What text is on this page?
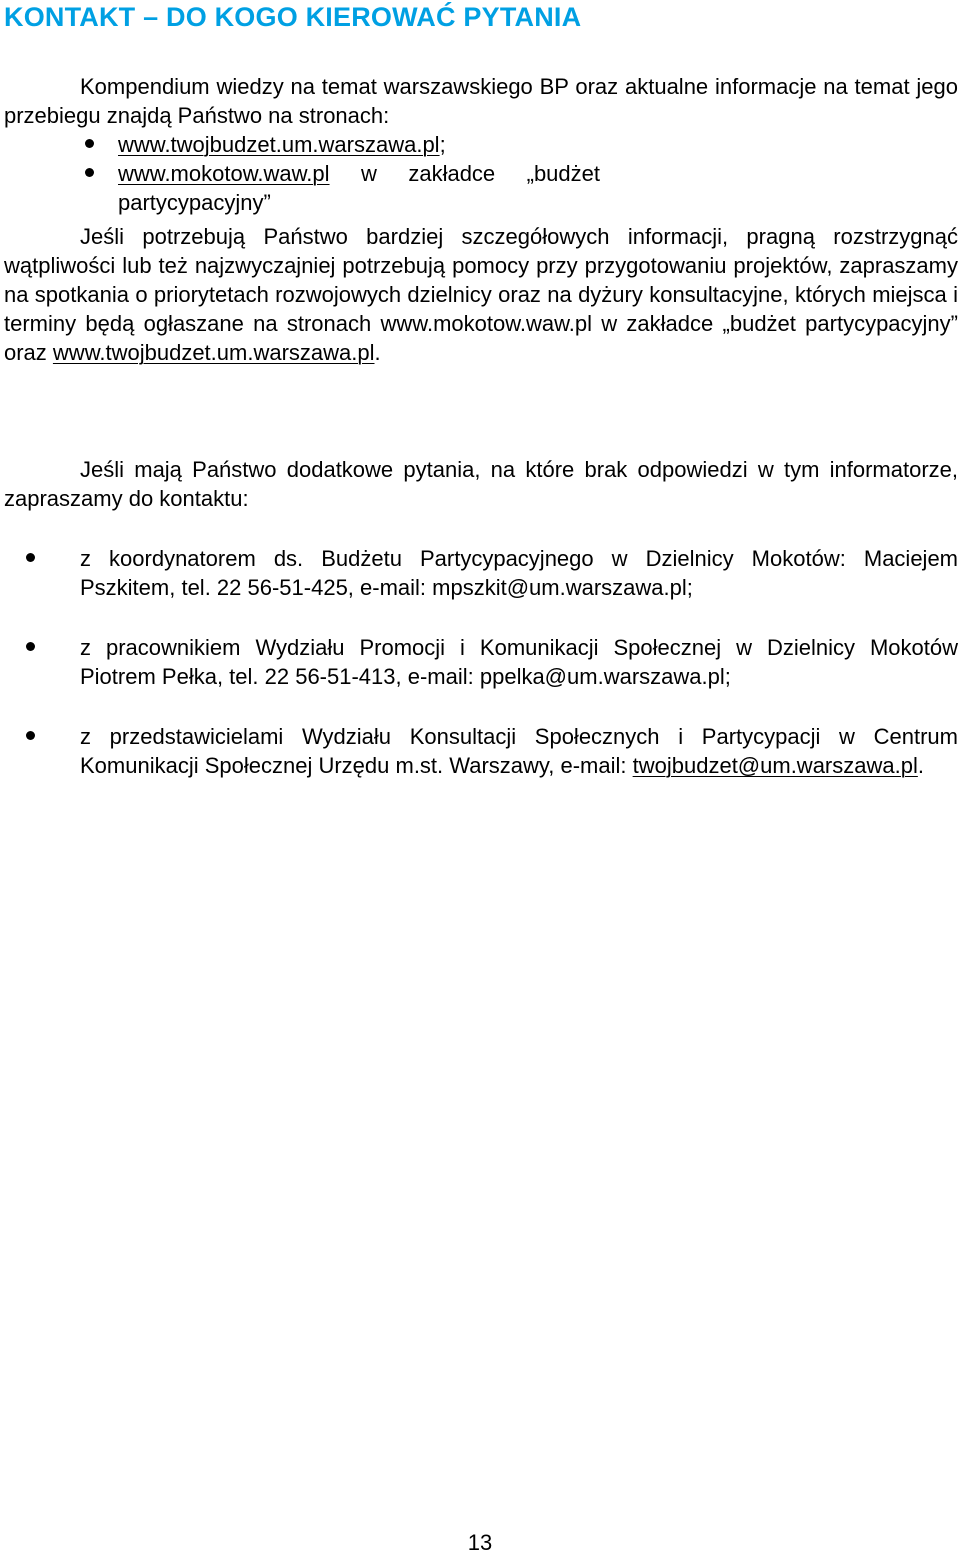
KONTAKT – DO KOGO KIEROWAĆ PYTANIA
Kompendium wiedzy na temat warszawskiego BP oraz aktualne informacje na temat jego przebiegu znajdą Państwo na stronach:
www.twojbudzet.um.warszawa.pl;
www.mokotow.waw.pl w zakładce „budżet partycypacyjny”
Jeśli potrzebują Państwo bardziej szczegółowych informacji, pragną rozstrzygnąć wątpliwości lub też najzwyczajniej potrzebują pomocy przy przygotowaniu projektów, zapraszamy na spotkania o priorytetach rozwojowych dzielnicy oraz na dyżury konsultacyjne, których miejsca i terminy będą ogłaszane na stronach www.mokotow.waw.pl w zakładce „budżet partycypacyjny” oraz www.twojbudzet.um.warszawa.pl.
Jeśli mają Państwo dodatkowe pytania, na które brak odpowiedzi w tym informatorze, zapraszamy do kontaktu:
z koordynatorem ds. Budżetu Partycypacyjnego w Dzielnicy Mokotów: Maciejem Pszkitem, tel. 22 56-51-425, e-mail: mpszkit@um.warszawa.pl;
z pracownikiem Wydziału Promocji i Komunikacji Społecznej w Dzielnicy Mokotów Piotrem Pełka, tel. 22 56-51-413, e-mail: ppelka@um.warszawa.pl;
z przedstawicielami Wydziału Konsultacji Społecznych i Partycypacji w Centrum Komunikacji Społecznej Urzędu m.st. Warszawy, e-mail: twojbudzet@um.warszawa.pl.
13
